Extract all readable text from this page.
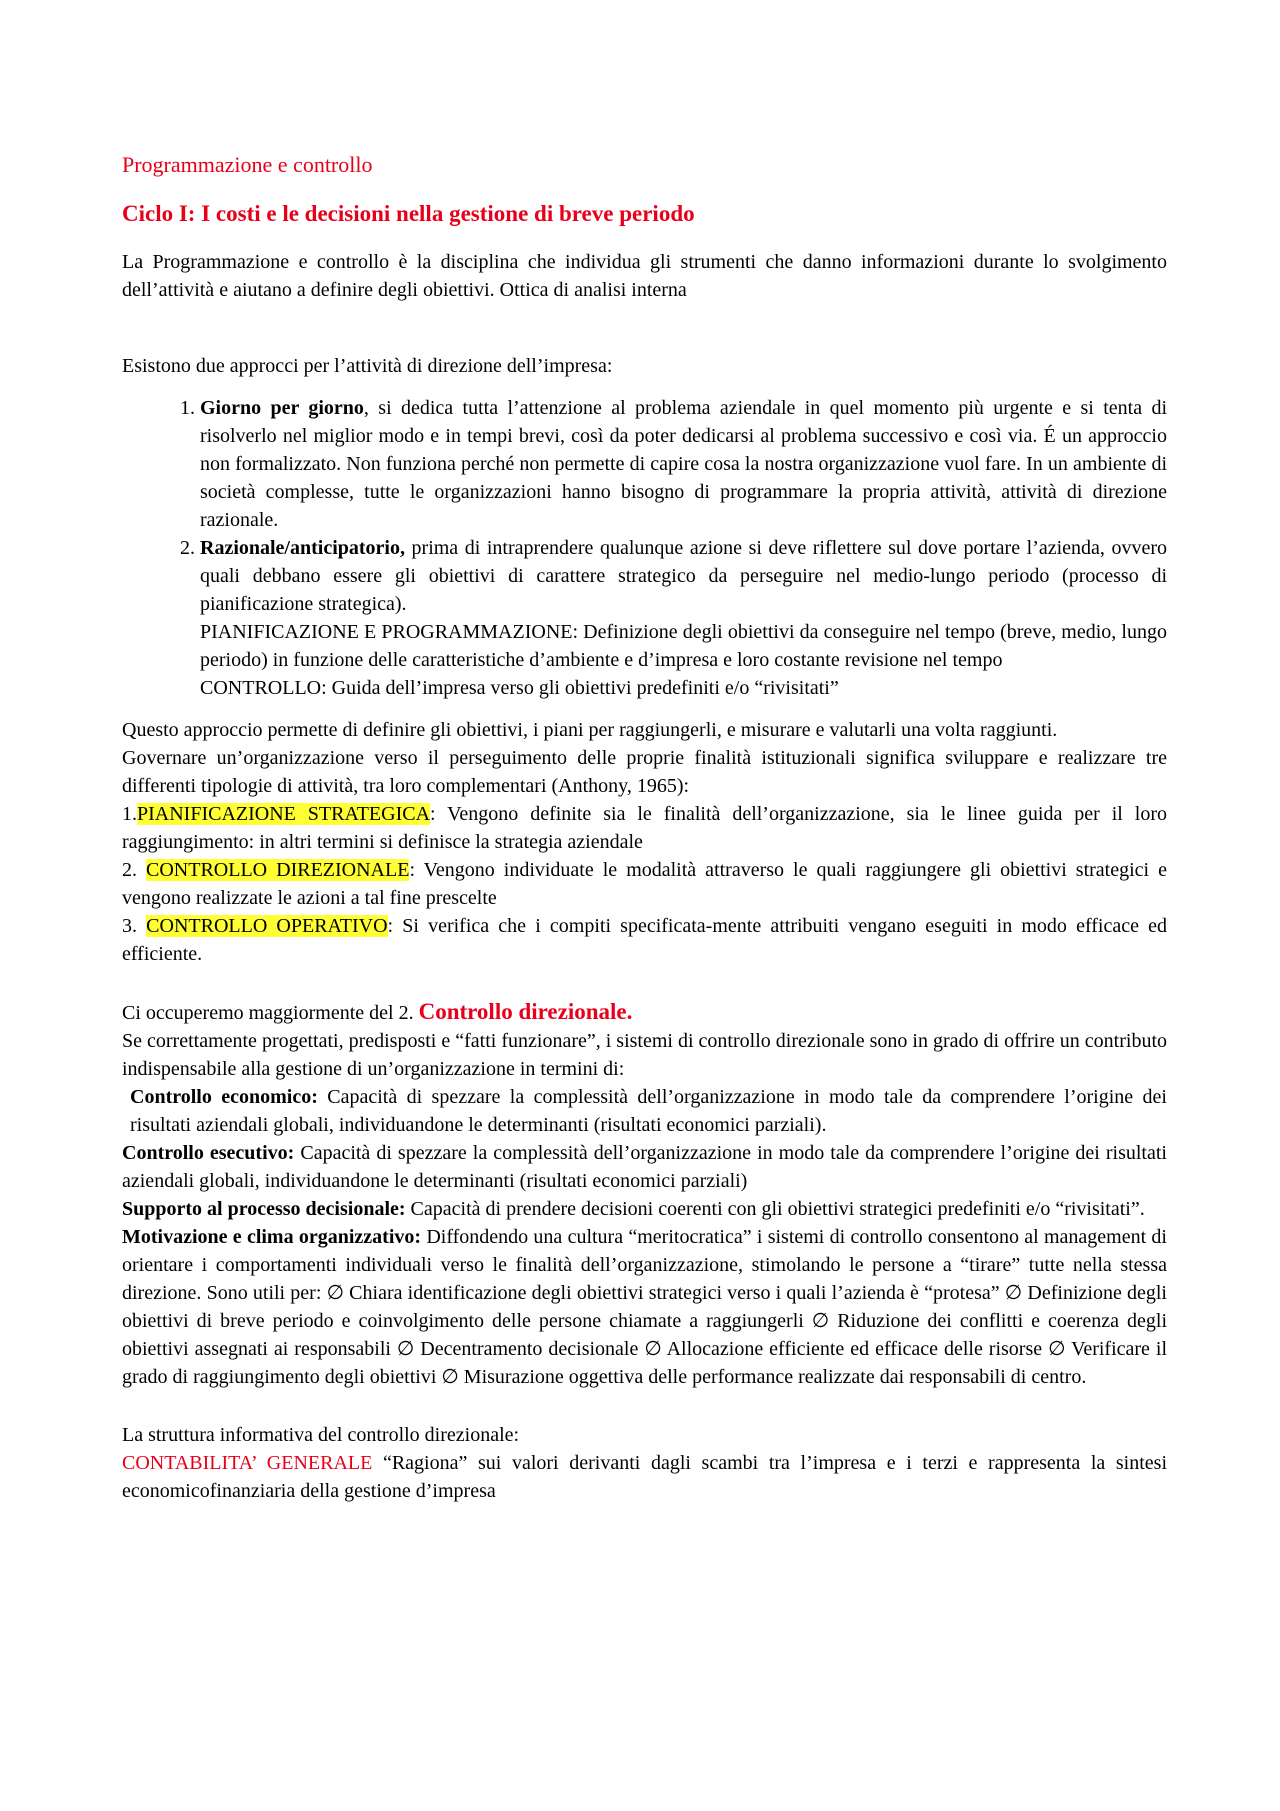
Programmazione e controllo
Ciclo I: I costi e le decisioni nella gestione di breve periodo

La Programmazione e controllo è la disciplina che individua gli strumenti che danno informazioni durante lo svolgimento dell’attività e aiutano a definire degli obiettivi. Ottica di analisi interna

Esistono due approcci per l’attività di direzione dell’impresa:

1. Giorno per giorno, si dedica tutta l’attenzione al problema aziendale in quel momento più urgente e si tenta di risolverlo nel miglior modo e in tempi brevi, così da poter dedicarsi al problema successivo e così via. É un approccio non formalizzato. Non funziona perché non permette di capire cosa la nostra organizzazione vuol fare. In un ambiente di società complesse, tutte le organizzazioni hanno bisogno di programmare la propria attività, attività di direzione razionale.
2. Razionale/anticipatorio, prima di intraprendere qualunque azione si deve riflettere sul dove portare l’azienda, ovvero quali debbano essere gli obiettivi di carattere strategico da perseguire nel medio-lungo periodo (processo di pianificazione strategica).
PIANIFICAZIONE E PROGRAMMAZIONE: Definizione degli obiettivi da conseguire nel tempo (breve, medio, lungo periodo) in funzione delle caratteristiche d’ambiente e d’impresa e loro costante revisione nel tempo
CONTROLLO: Guida dell’impresa verso gli obiettivi predefiniti e/o “rivisitati”

Questo approccio permette di definire gli obiettivi, i piani per raggiungerli, e misurare e valutarli una volta raggiunti.

Governare un’organizzazione verso il perseguimento delle proprie finalità istituzionali significa sviluppare e realizzare tre differenti tipologie di attività, tra loro complementari (Anthony, 1965):

1.PIANIFICAZIONE STRATEGICA: Vengono definite sia le finalità dell’organizzazione, sia le linee guida per il loro raggiungimento: in altri termini si definisce la strategia aziendale

2. CONTROLLO DIREZIONALE: Vengono individuate le modalità attraverso le quali raggiungere gli obiettivi strategici e vengono realizzate le azioni a tal fine prescelte

3. CONTROLLO OPERATIVO: Si verifica che i compiti specificata-mente attribuiti vengano eseguiti in modo efficace ed efficiente.

Ci occuperemo maggiormente del 2. Controllo direzionale.

Se correttamente progettati, predisposti e “fatti funzionare”, i sistemi di controllo direzionale sono in grado di offrire un contributo indispensabile alla gestione di un’organizzazione in termini di:

Controllo economico: Capacità di spezzare la complessità dell’organizzazione in modo tale da comprendere l’origine dei risultati aziendali globali, individuandone le determinanti (risultati economici parziali).

Controllo esecutivo: Capacità di spezzare la complessità dell’organizzazione in modo tale da comprendere l’origine dei risultati aziendali globali, individuandone le determinanti (risultati economici parziali)

Supporto al processo decisionale: Capacità di prendere decisioni coerenti con gli obiettivi strategici predefiniti e/o “rivisitati”.

Motivazione e clima organizzativo: Diffondendo una cultura “meritocratica” i sistemi di controllo consentono al management di orientare i comportamenti individuali verso le finalità dell’organizzazione, stimolando le persone a “tirare” tutte nella stessa direzione. Sono utili per: ∅ Chiara identificazione degli obiettivi strategici verso i quali l’azienda è “protesa” ∅ Definizione degli obiettivi di breve periodo e coinvolgimento delle persone chiamate a raggiungerli ∅ Riduzione dei conflitti e coerenza degli obiettivi assegnati ai responsabili ∅ Decentramento decisionale ∅ Allocazione efficiente ed efficace delle risorse ∅ Verificare il grado di raggiungimento degli obiettivi ∅ Misurazione oggettiva delle performance realizzate dai responsabili di centro.

La struttura informativa del controllo direzionale:

CONTABILITA’ GENERALE “Ragiona” sui valori derivanti dagli scambi tra l’impresa e i terzi e rappresenta la sintesi economicofinanziaria della gestione d’impresa
